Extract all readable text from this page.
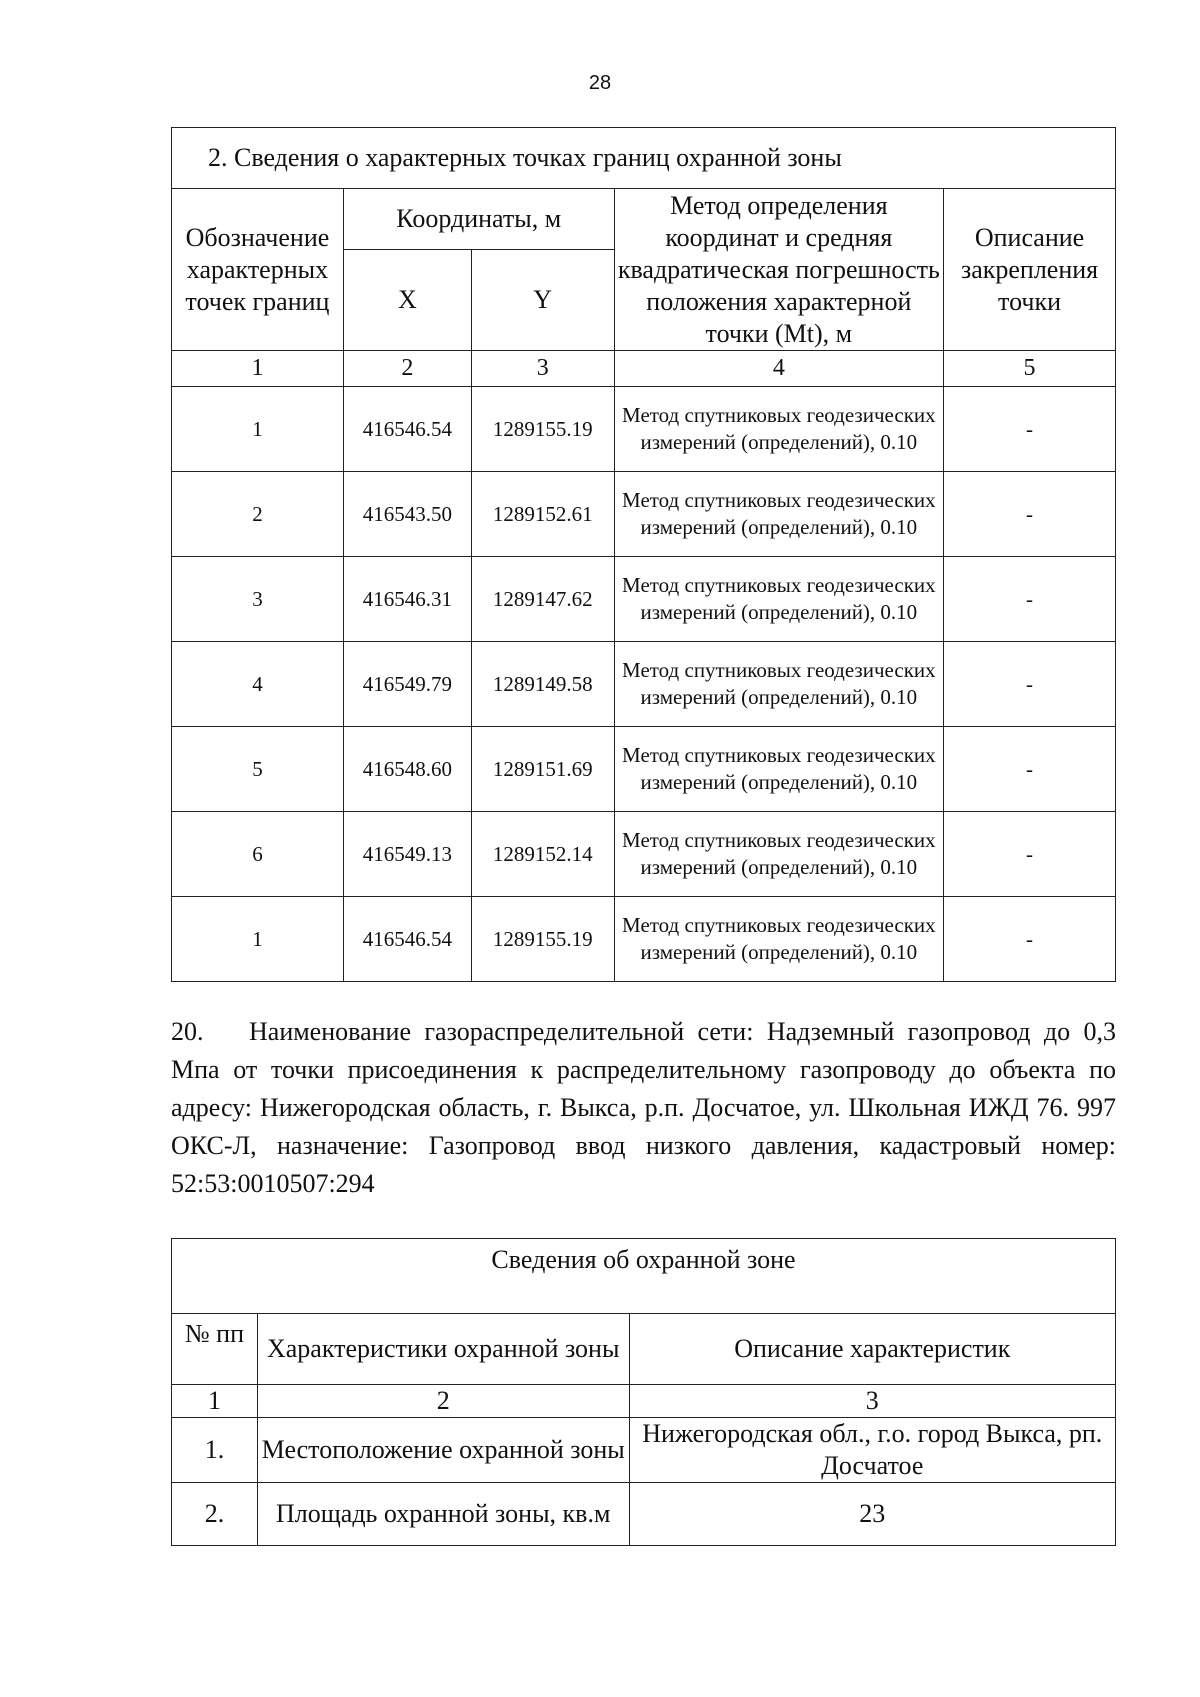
28
2. Сведения о характерных точках границ охранной зоны				
Обозначение характерных точек границ	Координаты, м		Метод определения координат и средняя квадратическая погрешность положения характерной точки (Mt), м	Описание закрепления точки
	X	Y		
1	2	3	4	5
1	416546.54	1289155.19	Метод спутниковых геодезических измерений (определений), 0.10	-
2	416543.50	1289152.61	Метод спутниковых геодезических измерений (определений), 0.10	-
3	416546.31	1289147.62	Метод спутниковых геодезических измерений (определений), 0.10	-
4	416549.79	1289149.58	Метод спутниковых геодезических измерений (определений), 0.10	-
5	416548.60	1289151.69	Метод спутниковых геодезических измерений (определений), 0.10	-
6	416549.13	1289152.14	Метод спутниковых геодезических измерений (определений), 0.10	-
1	416546.54	1289155.19	Метод спутниковых геодезических измерений (определений), 0.10	-
20. Наименование газораспределительной сети: Надземный газопровод до 0,3 Мпа от точки присоединения к распределительному газопроводу до объекта по адресу: Нижегородская область, г. Выкса, р.п. Досчатое, ул. Школьная ИЖД 76. 997 ОКС-Л, назначение: Газопровод ввод низкого давления, кадастровый номер: 52:53:0010507:294
Сведения об охранной зоне		
№ пп	Характеристики охранной зоны	Описание характеристик
1	2	3
1.	Местоположение охранной зоны	Нижегородская обл., г.о. город Выкса, рп. Досчатое
2.	Площадь охранной зоны, кв.м	23
